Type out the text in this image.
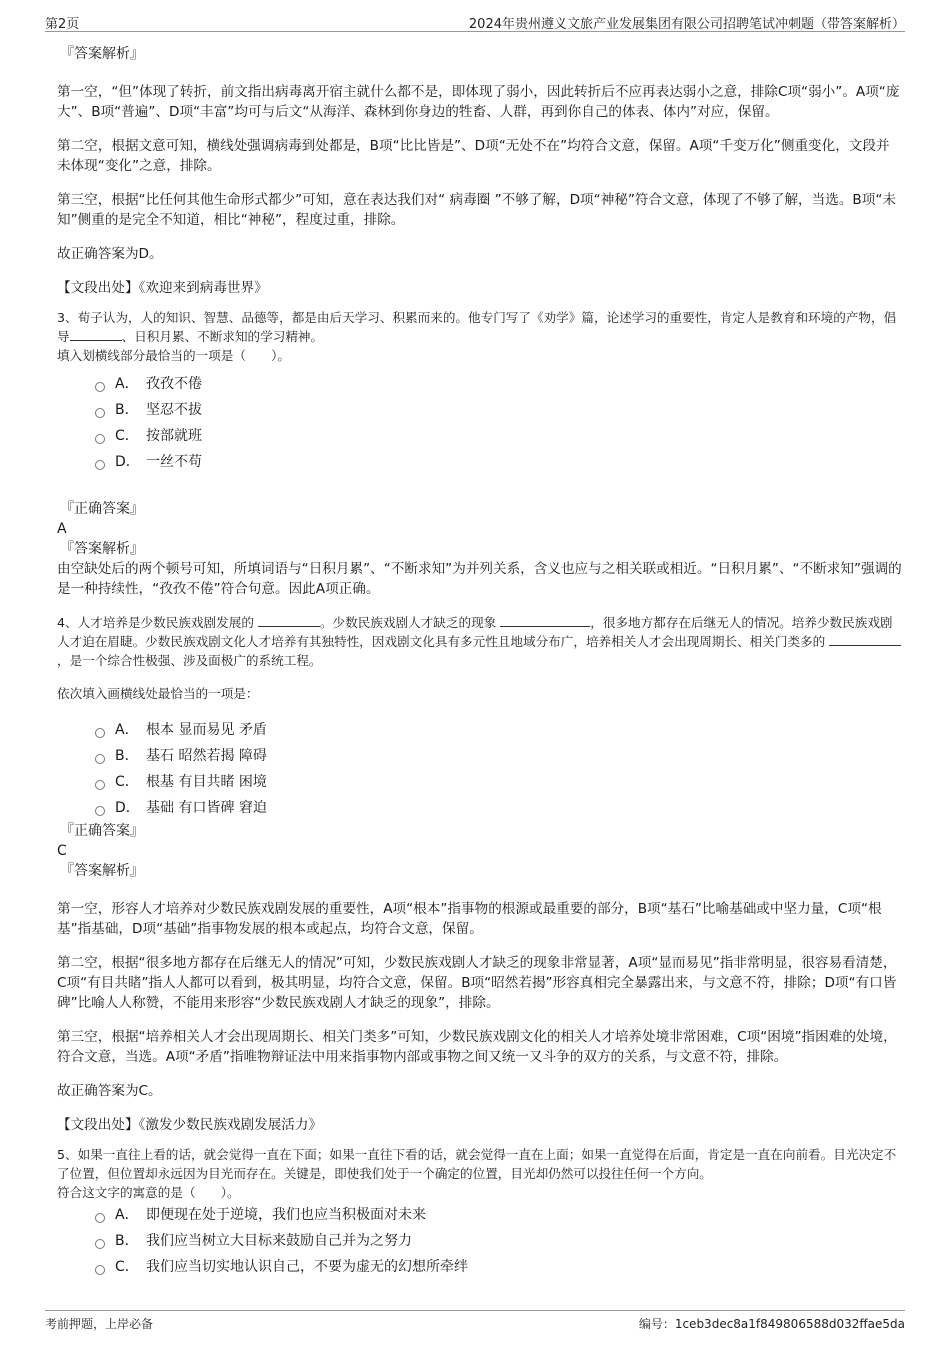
第2页	2024年贵州遵义文旅产业发展集团有限公司招聘笔试冲刺题（带答案解析）
『答案解析』

第一空，“但”体现了转折，前文指出病毒离开宿主就什么都不是，即体现了弱小，因此转折后不应再表达弱小之意，排除C项“弱小”。A项“庞大”、B项“普遍”、D项“丰富”均可与后文“从海洋、森林到你身边的牲畜、人群，再到你自己的体表、体内”对应，保留。

第二空，根据文意可知，横线处强调病毒到处都是，B项“比比皆是”、D项“无处不在”均符合文意，保留。A项“千变万化”侧重变化，文段并未体现“变化”之意，排除。

第三空，根据“比任何其他生命形式都少”可知，意在表达我们对“ 病毒圈 ”不够了解，D项“神秘”符合文意，体现了不够了解，当选。B项“未知”侧重的是完全不知道，相比“神秘”，程度过重，排除。

故正确答案为D。

【文段出处】《欢迎来到病毒世界》

3、荀子认为，人的知识、智慧、品德等，都是由后天学习、积累而来的。他专门写了《劝学》篇，论述学习的重要性，肯定人是教育和环境的产物，倡导	、日积月累、不断求知的学习精神。

填入划横线部分最恰当的一项是（　　）。

A． 孜孜不倦
B． 坚忍不拔
C． 按部就班
D． 一丝不苟
『正确答案』
A
『答案解析』

由空缺处后的两个顿号可知，所填词语与“日积月累”、“不断求知”为并列关系，含义也应与之相关联或相近。“日积月累”、“不断求知”强调的是一种持续性，“孜孜不倦”符合句意。因此A项正确。

4、人才培养是少数民族戏剧发展的	。少数民族戏剧人才缺乏的现象	，很多地方都存在后继无人的情况。培养少数民族戏剧人才迫在眉睫。少数民族戏剧文化人才培养有其独特性，因戏剧文化具有多元性且地域分布广，培养相关人才会出现周期长、相关门类多的 ，是一个综合性极强、涉及面极广的系统工程。

依次填入画横线处最恰当的一项是：

A． 根本 显而易见 矛盾
B． 基石 昭然若揭 障碍
C． 根基 有目共睹 困境
D． 基础 有口皆碑 窘迫
『正确答案』
C
『答案解析』

第一空，形容人才培养对少数民族戏剧发展的重要性，A项“根本”指事物的根源或最重要的部分，B项“基石”比喻基础或中坚力量，C项“根基”指基础，D项“基础”指事物发展的根本或起点，均符合文意，保留。

第二空，根据“很多地方都存在后继无人的情况”可知，少数民族戏剧人才缺乏的现象非常显著，A项“显而易见”指非常明显，很容易看清楚，C项“有目共睹”指人人都可以看到，极其明显，均符合文意，保留。B项“昭然若揭”形容真相完全暴露出来，与文意不符，排除；D项“有口皆碑”比喻人人称赞，不能用来形容“少数民族戏剧人才缺乏的现象”，排除。

第三空，根据“培养相关人才会出现周期长、相关门类多”可知，少数民族戏剧文化的相关人才培养处境非常困难，C项“困境”指困难的处境，符合文意，当选。A项“矛盾”指唯物辩证法中用来指事物内部或事物之间又统一又斗争的双方的关系，与文意不符，排除。

故正确答案为C。

【文段出处】《激发少数民族戏剧发展活力》

5、如果一直往上看的话，就会觉得一直在下面；如果一直往下看的话，就会觉得一直在上面；如果一直觉得在后面，肯定是一直在向前看。目光决定不了位置，但位置却永远因为目光而存在。关键是，即使我们处于一个确定的位置，目光却仍然可以投往任何一个方向。

符合这文字的寓意的是（　　）。

A． 即便现在处于逆境，我们也应当积极面对未来
B． 我们应当树立大目标来鼓励自己并为之努力
C． 我们应当切实地认识自己，不要为虚无的幻想所牵绊
考前押题，上岸必备	编号：1ceb3dec8a1f849806588d032ffae5da
